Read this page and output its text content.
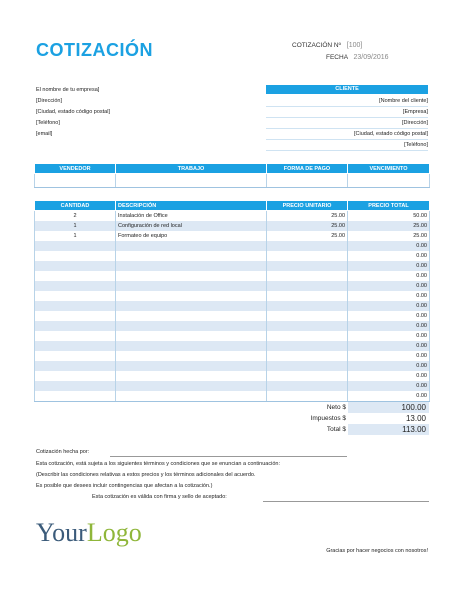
COTIZACIÓN	COTIZACIÓN Nº [100]
FECHA 23/09/2016
El nombre de tu empresa]
[Dirección]
[Ciudad, estado código postal]
[Teléfono]
[email]
CLIENTE
[Nombre del cliente]
[Empresa]
[Dirección]
[Ciudad, estado código postal]
[Teléfono]
VENDEDOR	TRABAJO	FORMA DE PAGO	VENCIMIENTO

CANTIDAD	DESCRIPCIÓN	PRECIO UNITARIO	PRECIO TOTAL
2	Instalación de Office	25.00	50.00
1	Configuración de red local	25.00	25.00
1	Formateo de equipo	25.00	25.00
			0.00
			0.00
			0.00
			0.00
			0.00
			0.00
			0.00
			0.00
			0.00
			0.00
			0.00
			0.00
			0.00
			0.00
			0.00
			0.00
Neto $	100.00
Impuestos $	13.00
Total $	113.00
Cotización hecha por:
Esta cotización, está sujeta a los siguientes términos y condiciones que se enuncian a continuación:
(Describir las condiciones relativas a estos precios y los términos adicionales del acuerdo.
Es posible que desees incluir contingencias que afectan a la cotización.)
Esta cotización es válida con firma y sello de aceptado:
YourLogo
Gracias por hacer negocios con nosotros!
